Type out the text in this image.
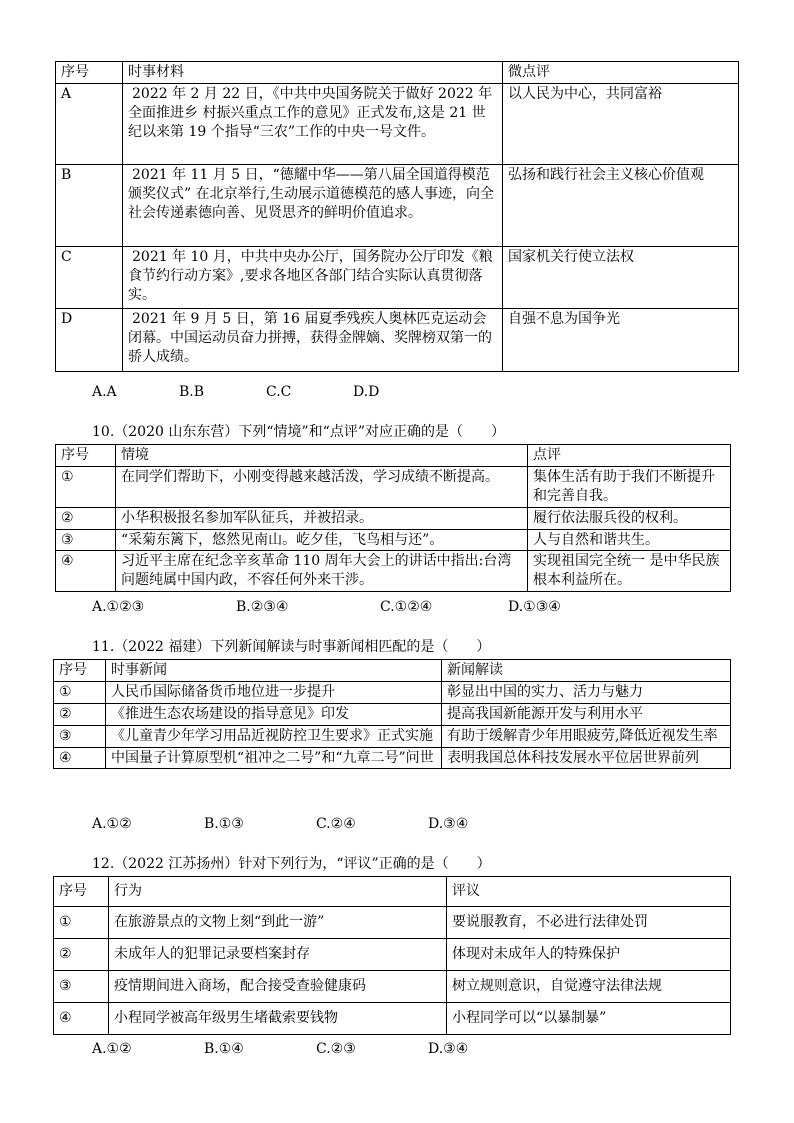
序号	时事材料	微点评
A	2022 年 2 月 22 日，《中共中央国务院关于做好 2022 年全面推进乡 村振兴重点工作的意见》正式发布,这是 21 世纪以来第 19 个指导“三农”工作的中央一号文件。	以人民为中心，共同富裕
B	2021 年 11 月 5 日，“德耀中华——第八届全国道得模范颁奖仪式” 在北京举行,生动展示道德模范的感人事迹，向全社会传递素德向善、见贤思齐的鲜明价值追求。	弘扬和践行社会主义核心价值观
C	2021 年 10 月，中共中央办公厅，国务院办公厅印发《粮食节约行动方案》,要求各地区各部门结合实际认真贯彻落实。	国家机关行使立法权
D	2021 年 9 月 5 日，第 16 届夏季残疾人奥林匹克运动会闭幕。中国运动员奋力拼搏，获得金牌嫡、奖牌榜双第一的骄人成绩。	自强不息为国争光
A.A	B.B	C.C	D.D
10.（2020 山东东营）下列“情境”和“点评”对应正确的是（　　）
序号	情境	点评
①	在同学们帮助下，小刚变得越来越活泼，学习成绩不断提高。	集体生活有助于我们不断提升和完善自我。
②	小华积极报名参加军队征兵，并被招录。	履行依法服兵役的权利。
③	“采菊东篱下，悠然见南山。屹夕佳，飞鸟相与还”。	人与自然和谐共生。
④	习近平主席在纪念辛亥革命 110 周年大会上的讲话中指出:台湾问题纯属中国内政，不容任何外来干涉。	实现祖国完全统一 是中华民族根本利益所在。
A.①②③	B.②③④	C.①②④	D.①③④
11.（2022 福建）下列新闻解读与时事新闻相匹配的是（　　）
序号	时事新闻	新闻解读
①	人民币国际储备货币地位进一步提升	彰显出中国的实力、活力与魅力
②	《推进生态农场建设的指导意见》印发	提高我国新能源开发与利用水平
③	《儿童青少年学习用品近视防控卫生要求》正式实施	有助于缓解青少年用眼疲劳,降低近视发生率
④	中国量子计算原型机“祖冲之二号”和“九章二号”问世	表明我国总体科技发展水平位居世界前列
A.①②	B.①③	C.②④	D.③④
12.（2022 江苏扬州）针对下列行为，“评议”正确的是（　　）
序号	行为	评议
①	在旅游景点的文物上刻“到此一游”	要说服教育，不必进行法律处罚
②	未成年人的犯罪记录要档案封存	体现对未成年人的特殊保护
③	疫情期间进入商场，配合接受查验健康码	树立规则意识，自觉遵守法律法规
④	小程同学被高年级男生堵截索要钱物	小程同学可以“以暴制暴”
A.①②	B.①④	C.②③	D.③④
